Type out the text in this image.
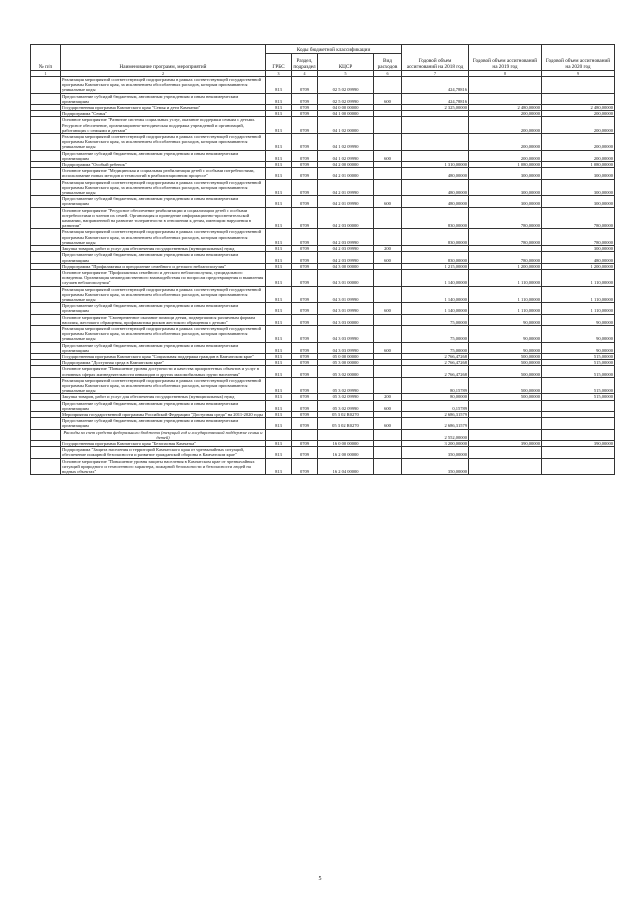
№ п/п	Наименование программ, мероприятий	Коды бюджетной классификации				Годовой объем ассигнований на 2018 год	Годовой объем ассигнований на 2019 год	Годовой объем ассигнований на 2020 год
		ГРБС	Раздел, подраздел	КЦСР	Вид расходов			
1	2	3	4	5	6	7	8	9
	Реализация мероприятий соответствующей подпрограммы в рамках соответствующей государственной программы Камчатского края, за исключением обособленных расходов, которым присваиваются уникальные коды	813	0709	02 5 02 09990		424,78816		
	Предоставление субсидий бюджетным, автономным учреждениям и иным некоммерческим организациям	813	0709	02 5 02 09990	600	424,78816		
	Государственная программа Камчатского края "Семья и дети Камчатки"	813	0709	04 0 00 00000		2 325,00000	2 480,00000	2 480,00000
	Подпрограмма "Семья"	813	0709	04 1 00 00000			200,00000	200,00000
	Основное мероприятие "Развитие системы социальных услуг, оказание поддержки семьям с детьми. Ресурсное обеспечение, организационно-методическая поддержка учреждений и организаций, работающих с семьями и детьми"	813	0709	04 1 02 00000			200,00000	200,00000
	Реализация мероприятий соответствующей подпрограммы в рамках соответствующей государственной программы Камчатского края, за исключением обособленных расходов, которым присваиваются уникальные коды	813	0709	04 1 02 09990			200,00000	200,00000
	Предоставление субсидий бюджетным, автономным учреждениям и иным некоммерческим организациям	813	0709	04 1 02 09990	600		200,00000	200,00000
	Подпрограмма "Особый ребенок"	813	0709	04 2 00 00000		1 310,00000	1 080,00000	1 080,00000
	Основное мероприятие "Медицинская и социальная реабилитация детей с особыми потребностями, использование новых методов и технологий в реабилитационном процессе"	813	0709	04 2 01 00000		480,00000	300,00000	300,00000
	Реализация мероприятий соответствующей подпрограммы в рамках соответствующей государственной программы Камчатского края, за исключением обособленных расходов, которым присваиваются уникальные коды	813	0709	04 2 01 09990		480,00000	300,00000	300,00000
	Предоставление субсидий бюджетным, автономным учреждениям и иным некоммерческим организациям	813	0709	04 2 01 09990	600	480,00000	300,00000	300,00000
	Основное мероприятие "Ресурсное обеспечение реабилитации и социализации детей с особыми потребностями и членов их семей. Организация и проведение информационно-просветительской кампании, направленной на развитие толерантности в отношении к детям, имеющим нарушения в развитии"	813	0709	04 2 03 00000		830,00000	780,00000	780,00000
	Реализация мероприятий соответствующей подпрограммы в рамках соответствующей государственной программы Камчатского края, за исключением обособленных расходов, которым присваиваются уникальные коды	813	0709	04 2 03 09990		830,00000	780,00000	780,00000
	Закупка товаров, работ и услуг для обеспечения государственных (муниципальных) нужд	813	0709	04 2 03 09990	200			300,00000
	Предоставление субсидий бюджетным, автономным учреждениям и иным некоммерческим организациям	813	0709	04 2 03 09990	600	830,00000	780,00000	480,00000
	Подпрограмма "Профилактика и преодоление семейного и детского неблагополучия"	813	0709	04 3 00 00000		1 215,00000	1 200,00000	1 200,00000
	Основное мероприятие "Профилактика семейного и детского неблагополучия, суицидального поведения. Организация межведомственного взаимодействия по вопросам предотвращения и выявления случаев неблагополучия"	813	0709	04 3 01 00000		1 140,00000	1 110,00000	1 110,00000
	Реализация мероприятий соответствующей подпрограммы в рамках соответствующей государственной программы Камчатского края, за исключением обособленных расходов, которым присваиваются уникальные коды	813	0709	04 3 01 09990		1 140,00000	1 110,00000	1 110,00000
	Предоставление субсидий бюджетным, автономным учреждениям и иным некоммерческим организациям	813	0709	04 3 01 09990	600	1 140,00000	1 110,00000	1 110,00000
	Основное мероприятие "Своевременное оказание помощи детям, подвергшимся различным формам насилия, жестокого обращения, профилактика рисков жестокого обращения с детьми"	813	0709	04 3 03 00000		75,00000	90,00000	90,00000
	Реализация мероприятий соответствующей подпрограммы в рамках соответствующей государственной программы Камчатского края, за исключением обособленных расходов, которым присваиваются уникальные коды	813	0709	04 3 03 09990		75,00000	90,00000	90,00000
	Предоставление субсидий бюджетным, автономным учреждениям и иным некоммерческим организациям	813	0709	04 3 03 09990	600	75,00000	90,00000	90,00000
	Государственная программа Камчатского края "Социальная поддержка граждан в Камчатском крае"	813	0709	05 0 00 00000		2 766,47268	500,00000	515,00000
	Подпрограмма "Доступная среда в Камчатском крае"	813	0709	05 3 00 00000		2 766,47268	500,00000	515,00000
	Основное мероприятие "Повышение уровня доступности и качества приоритетных объектов и услуг в основных сферах жизнедеятельности инвалидов и других маломобильных групп населения"	813	0709	05 3 02 00000		2 766,47268	500,00000	515,00000
	Реализация мероприятий соответствующей подпрограммы в рамках соответствующей государственной программы Камчатского края, за исключением обособленных расходов, которым присваиваются уникальные коды	813	0709	05 3 02 09990		80,15789	500,00000	515,00000
	Закупка товаров, работ и услуг для обеспечения государственных (муниципальных) нужд	813	0709	05 3 02 09990	200	80,00000	500,00000	515,00000
	Предоставление субсидий бюджетным, автономным учреждениям и иным некоммерческим организациям	813	0709	05 3 02 09990	600	0,15789		
	Мероприятия государственной программы Российской Федерации "Доступная среда" на 2011-2020 годы	813	0709	05 3 02 R0270		2 686,31579		
	Предоставление субсидий бюджетным, автономным учреждениям и иным некоммерческим организациям	813	0709	05 3 02 R0270	600	2 686,31579		
	Расходы за счет средств федерального бюджета (текущий год и государственной поддержке семьи и детей)					2 552,00000		
	Государственная программа Камчатского края "Безопасная Камчатка"	813	0709	16 0 00 00000		3 200,00000	390,00000	390,00000
	Подпрограмма "Защита населения и территорий Камчатского края от чрезвычайных ситуаций, обеспечение пожарной безопасности и развитие гражданской обороны в Камчатском крае"	813	0709	16 2 00 00000		350,00000		
	Основное мероприятие "Повышение уровня защиты населения в Камчатском крае от чрезвычайных ситуаций природного и техногенного характера, пожарной безопасности и безопасности людей на водных объектах"	813	0709	16 2 04 00000		350,00000		
5
